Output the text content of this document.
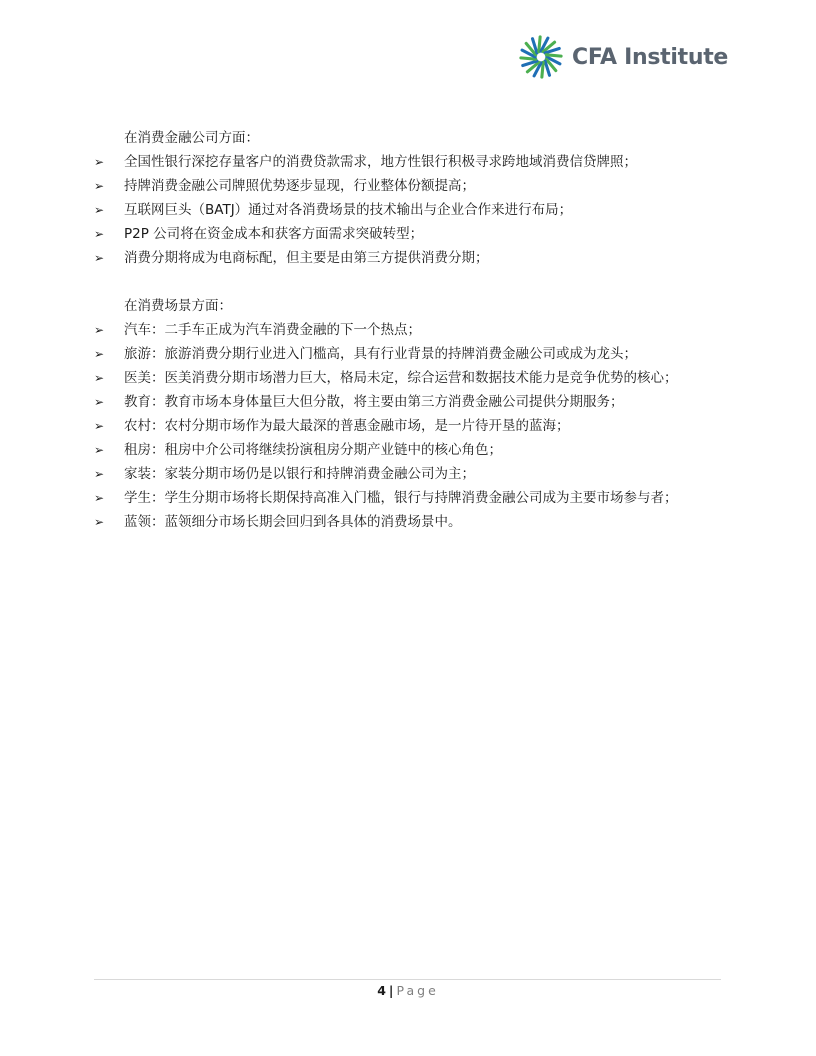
CFA Institute
在消费金融公司方面：
➢	全国性银行深挖存量客户的消费贷款需求，地方性银行积极寻求跨地域消费信贷牌照；
➢	持牌消费金融公司牌照优势逐步显现，行业整体份额提高；
➢	互联网巨头（BATJ）通过对各消费场景的技术输出与企业合作来进行布局；
➢	P2P 公司将在资金成本和获客方面需求突破转型；
➢	消费分期将成为电商标配，但主要是由第三方提供消费分期；
在消费场景方面：
➢	汽车：二手车正成为汽车消费金融的下一个热点；
➢	旅游：旅游消费分期行业进入门槛高，具有行业背景的持牌消费金融公司或成为龙头；
➢	医美：医美消费分期市场潜力巨大，格局未定，综合运营和数据技术能力是竞争优势的核心；
➢	教育：教育市场本身体量巨大但分散，将主要由第三方消费金融公司提供分期服务；
➢	农村：农村分期市场作为最大最深的普惠金融市场，是一片待开垦的蓝海；
➢	租房：租房中介公司将继续扮演租房分期产业链中的核心角色；
➢	家装：家装分期市场仍是以银行和持牌消费金融公司为主；
➢	学生：学生分期市场将长期保持高准入门槛，银行与持牌消费金融公司成为主要市场参与者；
➢	蓝领：蓝领细分市场长期会回归到各具体的消费场景中。
4 | Page
